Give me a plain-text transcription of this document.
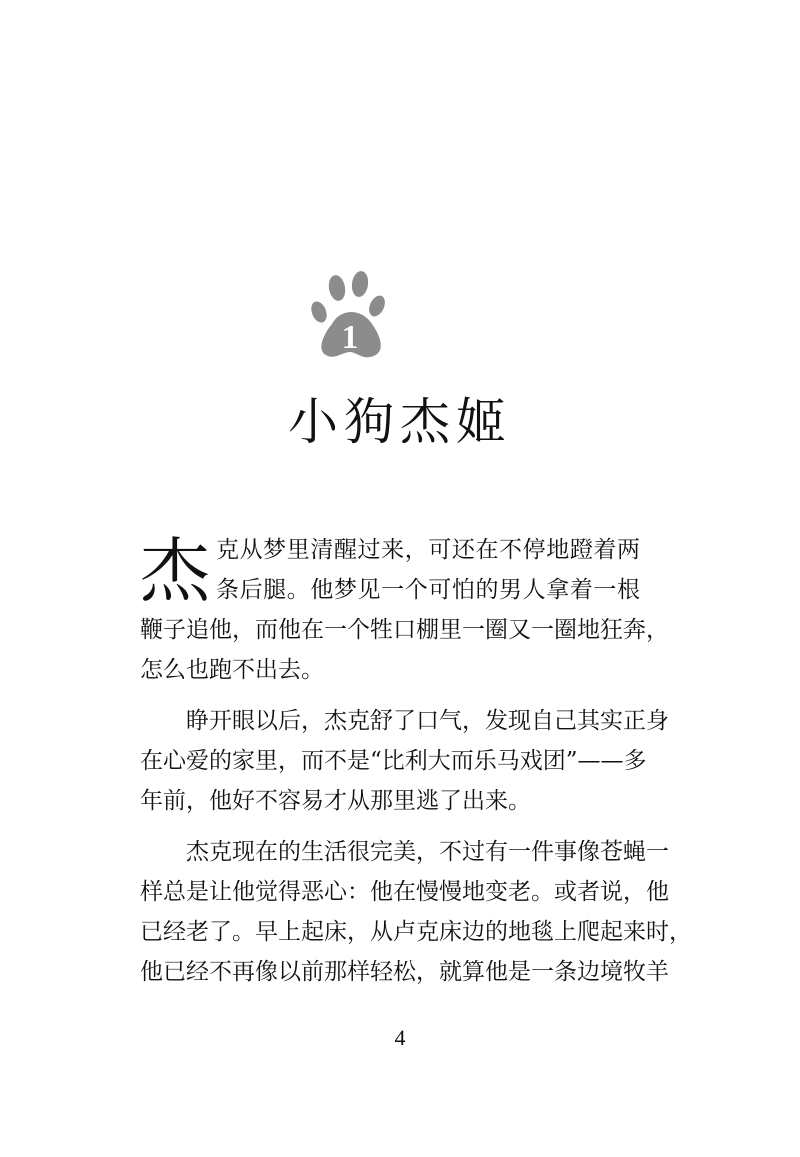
1
小狗杰姬
杰 克从梦里清醒过来，可还在不停地蹬着两
条后腿。他梦见一个可怕的男人拿着一根
鞭子追他，而他在一个牲口棚里一圈又一圈地狂奔，
怎么也跑不出去。
睁开眼以后，杰克舒了口气，发现自己其实正身
在心爱的家里，而不是“比利大而乐马戏团”——多
年前，他好不容易才从那里逃了出来。
杰克现在的生活很完美，不过有一件事像苍蝇一
样总是让他觉得恶心：他在慢慢地变老。或者说，他
已经老了。早上起床，从卢克床边的地毯上爬起来时，
他已经不再像以前那样轻松，就算他是一条边境牧羊
4
